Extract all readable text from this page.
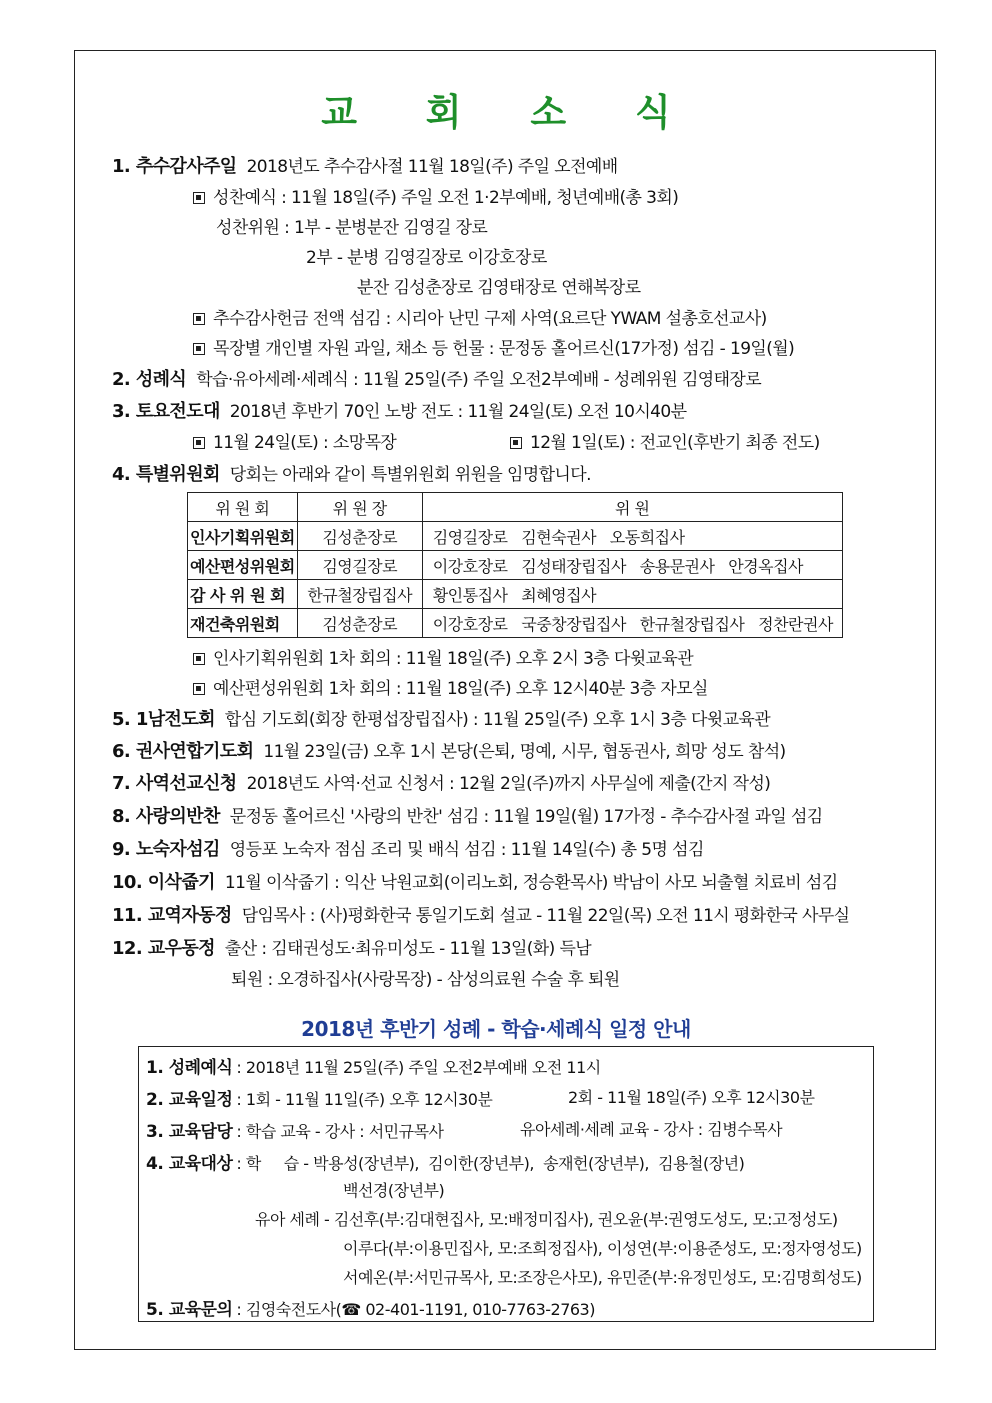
교 회 소 식
1. 추수감사주일 2018년도 추수감사절 11월 18일(주) 주일 오전예배
성찬예식 : 11월 18일(주) 주일 오전 1·2부예배, 청년예배(총 3회)
성찬위원 : 1부 - 분병분잔 김영길 장로
2부 - 분병 김영길장로 이강호장로
분잔 김성춘장로 김영태장로 연해복장로
추수감사헌금 전액 섬김 : 시리아 난민 구제 사역(요르단 YWAM 설총호선교사)
목장별 개인별 자원 과일, 채소 등 헌물 : 문정동 홀어르신(17가정) 섬김 - 19일(월)
2. 성례식 학습·유아세례·세례식 : 11월 25일(주) 주일 오전2부예배 - 성례위원 김영태장로
3. 토요전도대 2018년 후반기 70인 노방 전도 : 11월 24일(토) 오전 10시40분
11월 24일(토) : 소망목장	12월 1일(토) : 전교인(후반기 최종 전도)
4. 특별위원회 당회는 아래와 같이 특별위원회 위원을 임명합니다.
위 원 회	위 원 장	위 원
인사기획위원회	김성춘장로	김영길장로   김현숙권사   오동희집사
예산편성위원회	김영길장로	이강호장로   김성태장립집사   송용문권사   안경옥집사
감 사 위 원 회	한규철장립집사	황인통집사   최혜영집사
재건축위원회	김성춘장로	이강호장로   국중창장립집사   한규철장립집사   정찬란권사
인사기획위원회 1차 회의 : 11월 18일(주) 오후 2시 3층 다윗교육관
예산편성위원회 1차 회의 : 11월 18일(주) 오후 12시40분 3층 자모실
5. 1남전도회 합심 기도회(회장 한평섭장립집사) : 11월 25일(주) 오후 1시 3층 다윗교육관
6. 권사연합기도회 11월 23일(금) 오후 1시 본당(은퇴, 명예, 시무, 협동권사, 희망 성도 참석)
7. 사역선교신청 2018년도 사역·선교 신청서 : 12월 2일(주)까지 사무실에 제출(간지 작성)
8. 사랑의반찬 문정동 홀어르신 '사랑의 반찬' 섬김 : 11월 19일(월) 17가정 - 추수감사절 과일 섬김
9. 노숙자섬김 영등포 노숙자 점심 조리 및 배식 섬김 : 11월 14일(수) 총 5명 섬김
10. 이삭줍기 11월 이삭줍기 : 익산 낙원교회(이리노회, 정승환목사) 박남이 사모 뇌출혈 치료비 섬김
11. 교역자동정 담임목사 : (사)평화한국 통일기도회 설교 - 11월 22일(목) 오전 11시 평화한국 사무실
12. 교우동정 출산 : 김태권성도·최유미성도 - 11월 13일(화) 득남
퇴원 : 오경하집사(사랑목장) - 삼성의료원 수술 후 퇴원
2018년 후반기 성례 - 학습·세례식 일정 안내
1. 성례예식 : 2018년 11월 25일(주) 주일 오전2부예배 오전 11시
2. 교육일정 : 1회 - 11월 11일(주) 오후 12시30분	2회 - 11월 18일(주) 오후 12시30분
3. 교육담당 : 학습 교육 - 강사 : 서민규목사	유아세례·세례 교육 - 강사 : 김병수목사
4. 교육대상 : 학     습 - 박용성(장년부),  김이한(장년부),  송재헌(장년부),  김용철(장년)
백선경(장년부)
유아 세례 - 김선후(부:김대현집사, 모:배정미집사), 권오윤(부:권영도성도, 모:고정성도)
이루다(부:이용민집사, 모:조희정집사), 이성연(부:이용준성도, 모:정자영성도)
서예온(부:서민규목사, 모:조장은사모), 유민준(부:유정민성도, 모:김명희성도)
5. 교육문의 : 김영숙전도사(☎ 02-401-1191, 010-7763-2763)
